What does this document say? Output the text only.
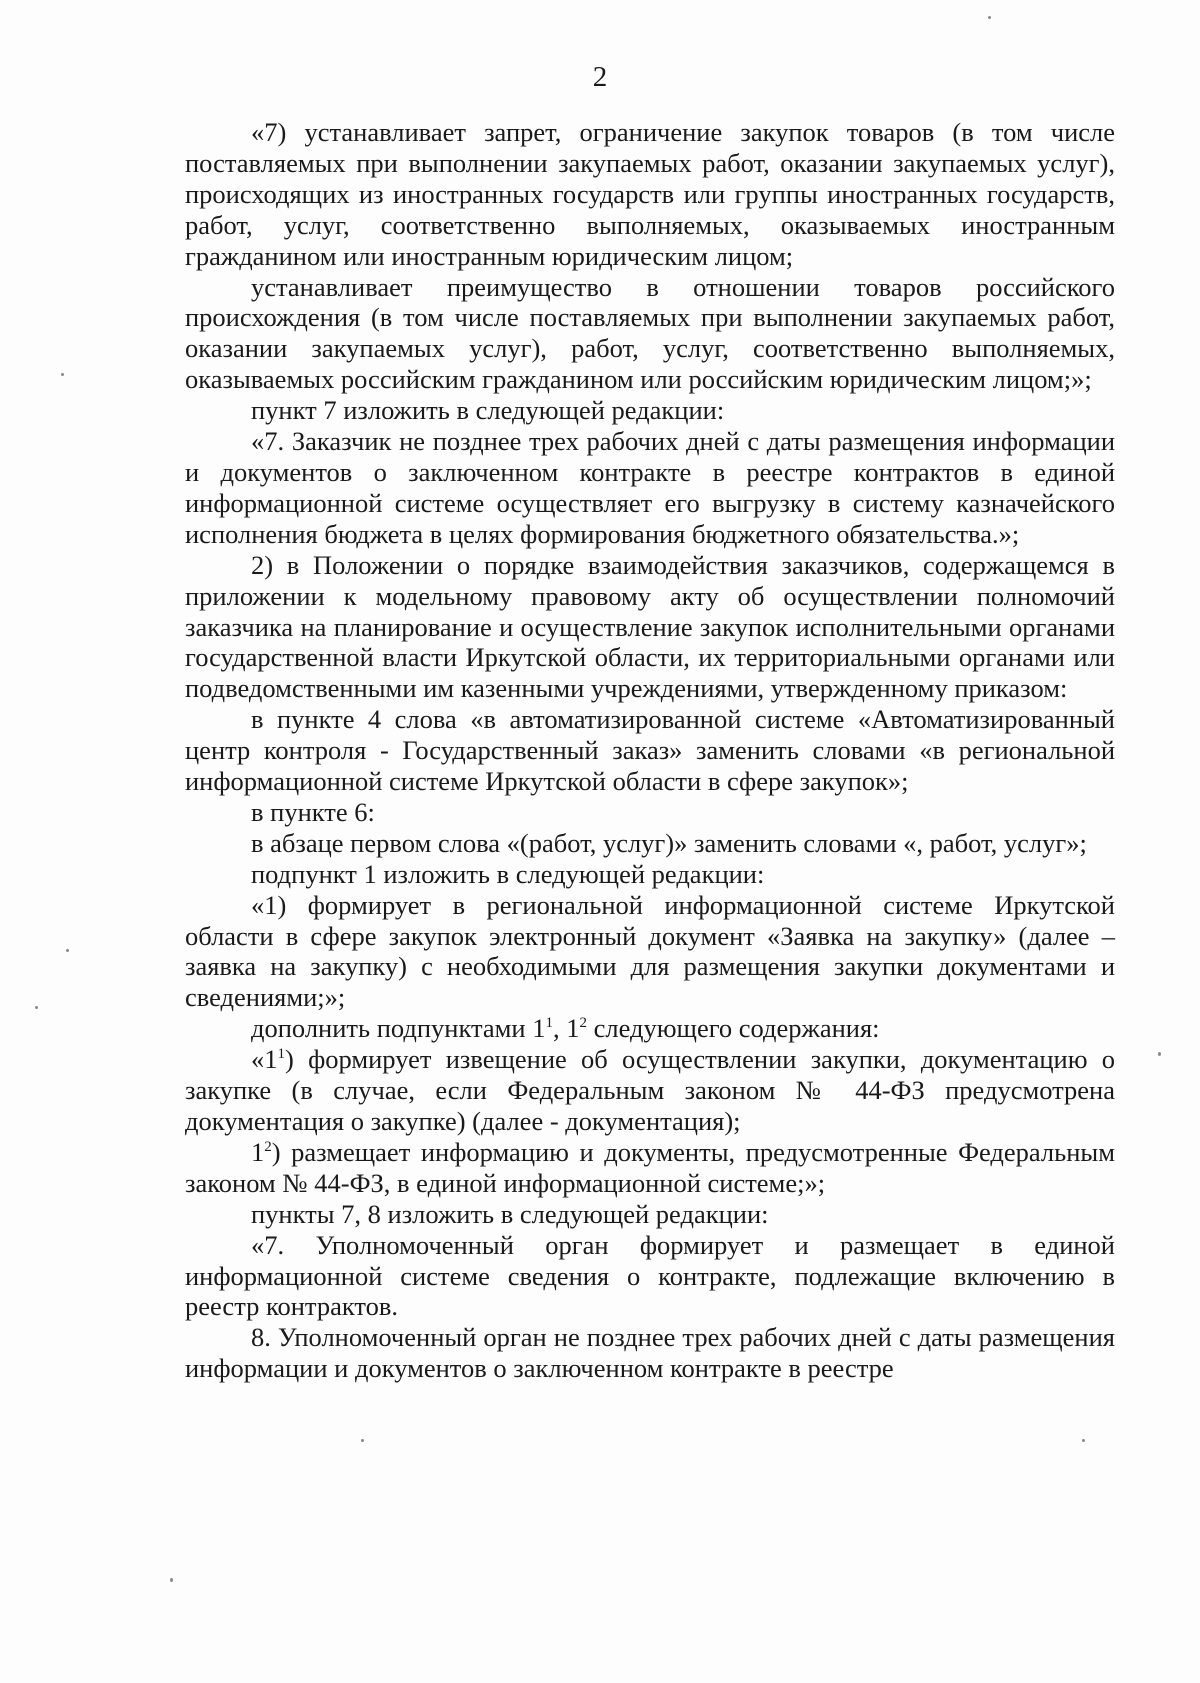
2

«7) устанавливает запрет, ограничение закупок товаров (в том числе поставляемых при выполнении закупаемых работ, оказании закупаемых услуг), происходящих из иностранных государств или группы иностранных государств, работ, услуг, соответственно выполняемых, оказываемых иностранным гражданином или иностранным юридическим лицом;

устанавливает преимущество в отношении товаров российского происхождения (в том числе поставляемых при выполнении закупаемых работ, оказании закупаемых услуг), работ, услуг, соответственно выполняемых, оказываемых российским гражданином или российским юридическим лицом;»;

пункт 7 изложить в следующей редакции:

«7. Заказчик не позднее трех рабочих дней с даты размещения информации и документов о заключенном контракте в реестре контрактов в единой информационной системе осуществляет его выгрузку в систему казначейского исполнения бюджета в целях формирования бюджетного обязательства.»;

2) в Положении о порядке взаимодействия заказчиков, содержащемся в приложении к модельному правовому акту об осуществлении полномочий заказчика на планирование и осуществление закупок исполнительными органами государственной власти Иркутской области, их территориальными органами или подведомственными им казенными учреждениями, утвержденному приказом:

в пункте 4 слова «в автоматизированной системе «Автоматизированный центр контроля - Государственный заказ» заменить словами «в региональной информационной системе Иркутской области в сфере закупок»;

в пункте 6:

в абзаце первом слова «(работ, услуг)» заменить словами «, работ, услуг»;

подпункт 1 изложить в следующей редакции:

«1) формирует в региональной информационной системе Иркутской области в сфере закупок электронный документ «Заявка на закупку» (далее – заявка на закупку) с необходимыми для размещения закупки документами и сведениями;»;

дополнить подпунктами $1^1$, $1^2$ следующего содержания:

«$1^1$) формирует извещение об осуществлении закупки, документацию о закупке (в случае, если Федеральным законом № 44-ФЗ предусмотрена документация о закупке) (далее - документация);

$1^2$) размещает информацию и документы, предусмотренные Федеральным законом № 44-ФЗ, в единой информационной системе;»;

пункты 7, 8 изложить в следующей редакции:

«7. Уполномоченный орган формирует и размещает в единой информационной системе сведения о контракте, подлежащие включению в реестр контрактов.

8. Уполномоченный орган не позднее трех рабочих дней с даты размещения информации и документов о заключенном контракте в реестре
